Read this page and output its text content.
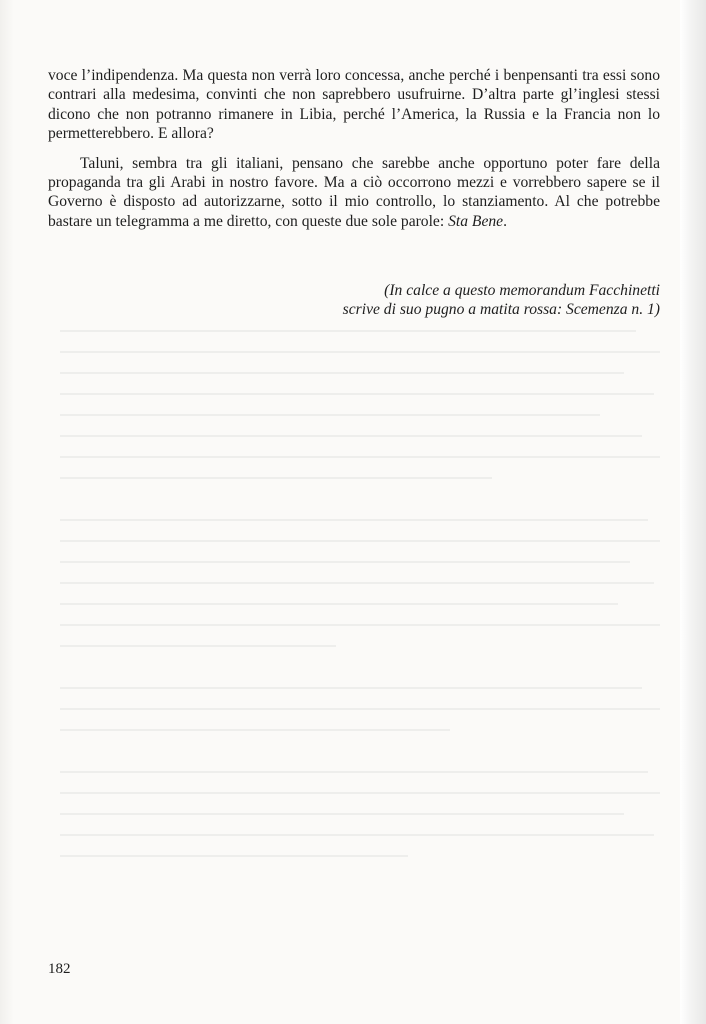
voce l’indipendenza. Ma questa non verrà loro concessa, anche perché i benpensanti tra essi sono contrari alla medesima, convinti che non saprebbero usufruirne. D’altra parte gl’inglesi stessi dicono che non potranno rimanere in Libia, perché l’America, la Russia e la Francia non lo permetterebbero. E allora?

Taluni, sembra tra gli italiani, pensano che sarebbe anche opportuno poter fare della propaganda tra gli Arabi in nostro favore. Ma a ciò occorrono mezzi e vorrebbero sapere se il Governo è disposto ad autorizzarne, sotto il mio controllo, lo stanziamento. Al che potrebbe bastare un telegramma a me diretto, con queste due sole parole: Sta Bene.

(In calce a questo memorandum Facchinetti
scrive di suo pugno a matita rossa: Scemenza n. 1)
182
